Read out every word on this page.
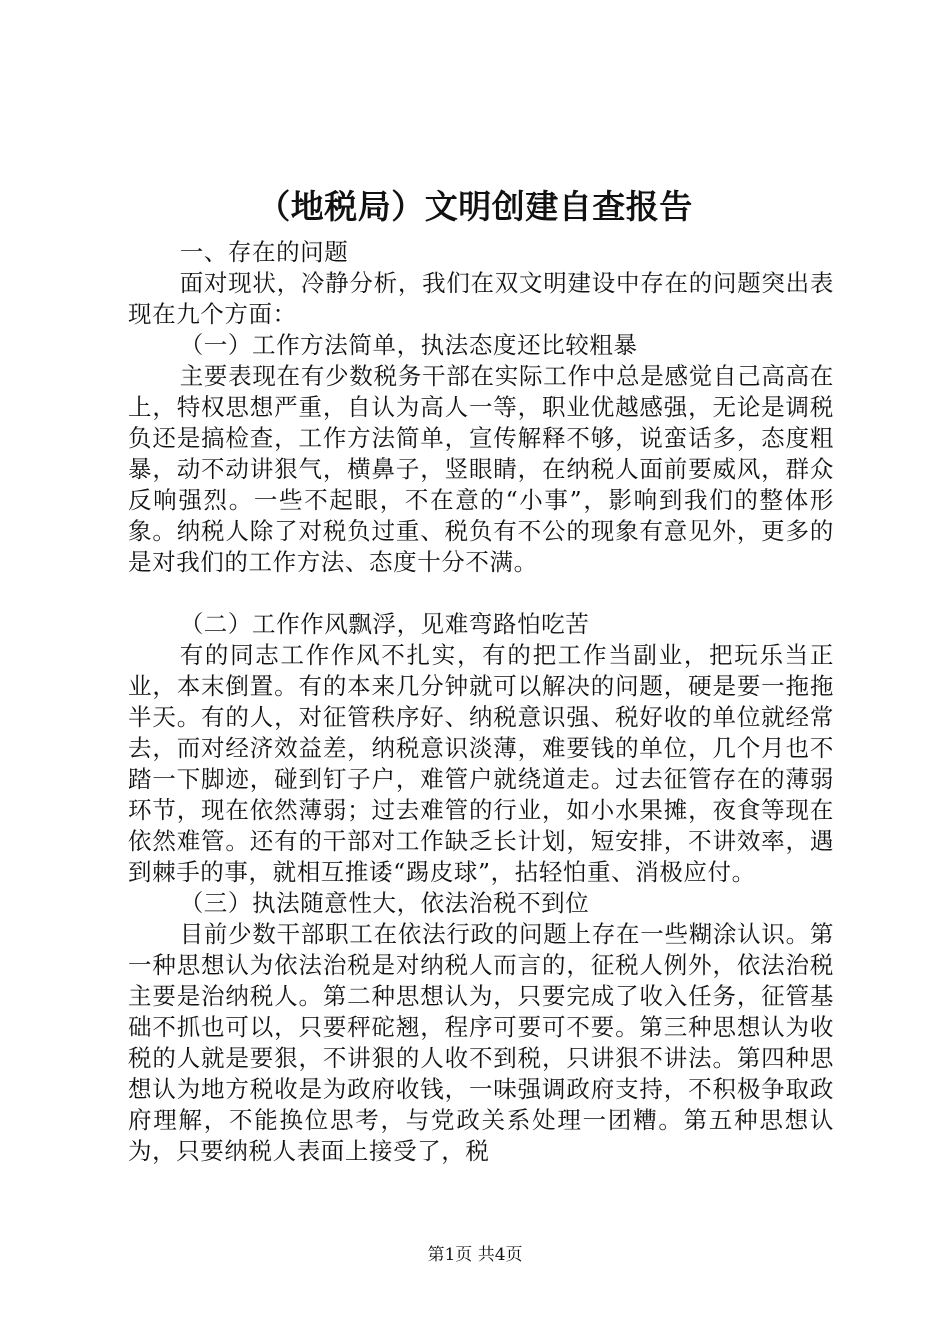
（地税局）文明创建自查报告

一、存在的问题

面对现状，冷静分析，我们在双文明建设中存在的问题突出表现在九个方面：

（一）工作方法简单，执法态度还比较粗暴

主要表现在有少数税务干部在实际工作中总是感觉自己高高在上，特权思想严重，自认为高人一等，职业优越感强，无论是调税负还是搞检查，工作方法简单，宣传解释不够，说蛮话多，态度粗暴，动不动讲狠气，横鼻子，竖眼睛，在纳税人面前要威风，群众反响强烈。一些不起眼，不在意的“小事”，影响到我们的整体形象。纳税人除了对税负过重、税负有不公的现象有意见外，更多的是对我们的工作方法、态度十分不满。

（二）工作作风飘浮，见难弯路怕吃苦

有的同志工作作风不扎实，有的把工作当副业，把玩乐当正业，本末倒置。有的本来几分钟就可以解决的问题，硬是要一拖拖半天。有的人，对征管秩序好、纳税意识强、税好收的单位就经常去，而对经济效益差，纳税意识淡薄，难要钱的单位，几个月也不踏一下脚迹，碰到钉子户，难管户就绕道走。过去征管存在的薄弱环节，现在依然薄弱；过去难管的行业，如小水果摊，夜食等现在依然难管。还有的干部对工作缺乏长计划，短安排，不讲效率，遇到棘手的事，就相互推诿“踢皮球”，拈轻怕重、消极应付。

（三）执法随意性大，依法治税不到位

目前少数干部职工在依法行政的问题上存在一些糊涂认识。第一种思想认为依法治税是对纳税人而言的，征税人例外，依法治税主要是治纳税人。第二种思想认为，只要完成了收入任务，征管基础不抓也可以，只要秤砣翘，程序可要可不要。第三种思想认为收税的人就是要狠，不讲狠的人收不到税，只讲狠不讲法。第四种思想认为地方税收是为政府收钱，一味强调政府支持，不积极争取政府理解，不能换位思考，与党政关系处理一团糟。第五种思想认为，只要纳税人表面上接受了，税

第1页 共4页
